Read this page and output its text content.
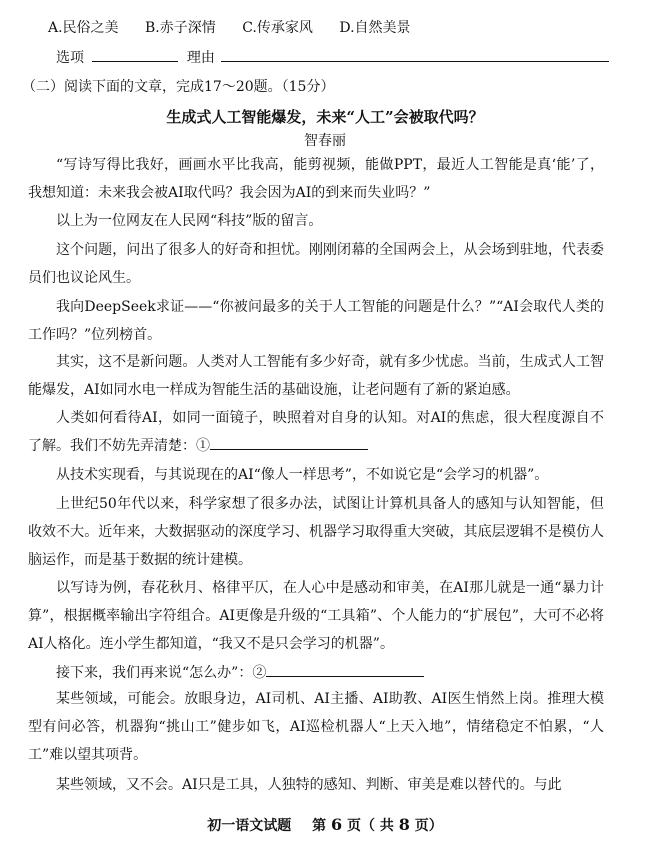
A.民俗之美 B.赤子深情 C.传承家风 D.自然美景
选项	理由
（二）阅读下面的文章，完成17～20题。（15分）
生成式人工智能爆发，未来“人工”会被取代吗？
智春丽
“写诗写得比我好，画画水平比我高，能剪视频，能做PPT，最近人工智能是真‘能’了，我想知道：未来我会被AI取代吗？我会因为AI的到来而失业吗？”
以上为一位网友在人民网“科技”版的留言。
这个问题，问出了很多人的好奇和担忧。刚刚闭幕的全国两会上，从会场到驻地，代表委员们也议论风生。
我向DeepSeek求证——“你被问最多的关于人工智能的问题是什么？”“AI会取代人类的工作吗？”位列榜首。
其实，这不是新问题。人类对人工智能有多少好奇，就有多少忧虑。当前，生成式人工智能爆发，AI如同水电一样成为智能生活的基础设施，让老问题有了新的紧迫感。
人类如何看待AI，如同一面镜子，映照着对自身的认知。对AI的焦虑，很大程度源自不了解。我们不妨先弄清楚：①
从技术实现看，与其说现在的AI“像人一样思考”，不如说它是“会学习的机器”。
上世纪50年代以来，科学家想了很多办法，试图让计算机具备人的感知与认知智能，但收效不大。近年来，大数据驱动的深度学习、机器学习取得重大突破，其底层逻辑不是模仿人脑运作，而是基于数据的统计建模。
以写诗为例，春花秋月、格律平仄，在人心中是感动和审美，在AI那儿就是一通“暴力计算”，根据概率输出字符组合。AI更像是升级的“工具箱”、个人能力的“扩展包”，大可不必将AI人格化。连小学生都知道，“我又不是只会学习的机器”。
接下来，我们再来说“怎么办”：②
某些领域，可能会。放眼身边，AI司机、AI主播、AI助教、AI医生悄然上岗。推理大模型有问必答，机器狗“挑山工”健步如飞，AI巡检机器人“上天入地”，情绪稳定不怕累，“人工”难以望其项背。
某些领域，又不会。AI只是工具，人独特的感知、判断、审美是难以替代的。与此
初一语文试题 第 6 页（ 共 8 页）
